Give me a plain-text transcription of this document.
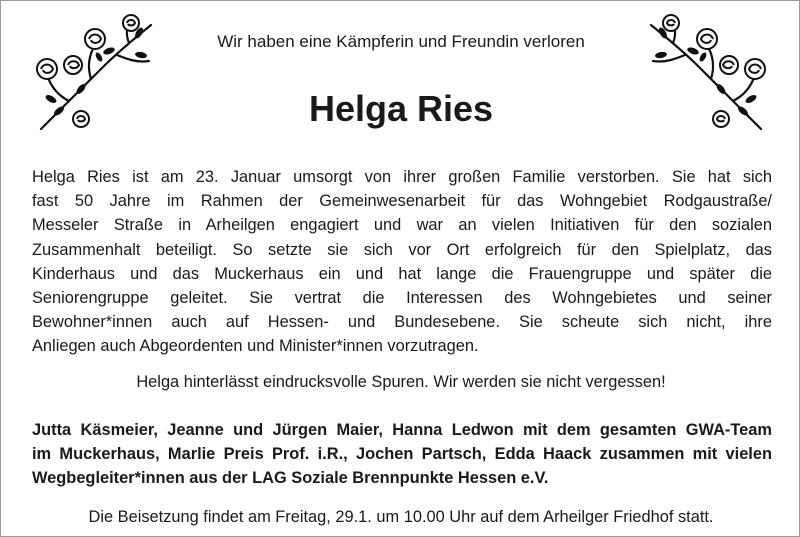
Wir haben eine Kämpferin und Freundin verloren
Helga Ries
Helga Ries ist am 23. Januar umsorgt von ihrer großen Familie verstorben. Sie hat sich
fast 50 Jahre im Rahmen der Gemeinwesenarbeit für das Wohngebiet Rodgaustraße/
Messeler Straße in Arheilgen engagiert und war an vielen Initiativen für den sozialen
Zusammenhalt beteiligt. So setzte sie sich vor Ort erfolgreich für den Spielplatz, das
Kinderhaus und das Muckerhaus ein und hat lange die Frauengruppe und später die
Seniorengruppe geleitet. Sie vertrat die Interessen des Wohngebietes und seiner
Bewohner*innen auch auf Hessen- und Bundesebene. Sie scheute sich nicht, ihre
Anliegen auch Abgeordenten und Minister*innen vorzutragen.
Helga hinterlässt eindrucksvolle Spuren. Wir werden sie nicht vergessen!
Jutta Käsmeier, Jeanne und Jürgen Maier, Hanna Ledwon mit dem gesamten GWA-Team
im Muckerhaus, Marlie Preis Prof. i.R., Jochen Partsch, Edda Haack zusammen mit vielen
Wegbegleiter*innen aus der LAG Soziale Brennpunkte Hessen e.V.
Die Beisetzung findet am Freitag, 29.1. um 10.00 Uhr auf dem Arheilger Friedhof statt.
